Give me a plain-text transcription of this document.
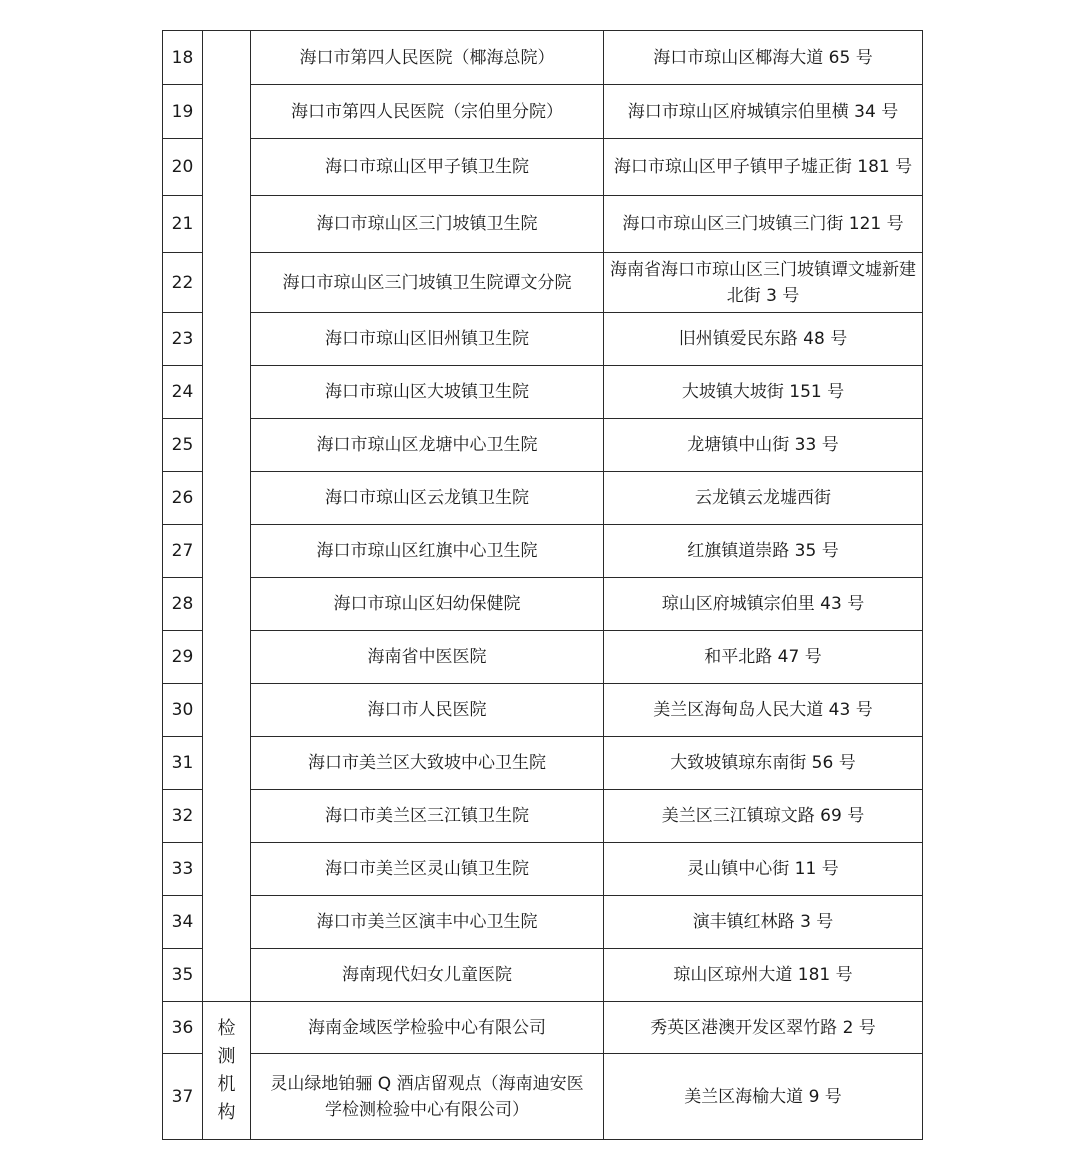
18		海口市第四人民医院（椰海总院）	海口市琼山区椰海大道 65 号
19		海口市第四人民医院（宗伯里分院）	海口市琼山区府城镇宗伯里横 34 号
20		海口市琼山区甲子镇卫生院	海口市琼山区甲子镇甲子墟正街 181 号
21		海口市琼山区三门坡镇卫生院	海口市琼山区三门坡镇三门街 121 号
22		海口市琼山区三门坡镇卫生院谭文分院	海南省海口市琼山区三门坡镇谭文墟新建北街 3 号
23		海口市琼山区旧州镇卫生院	旧州镇爱民东路 48 号
24		海口市琼山区大坡镇卫生院	大坡镇大坡街 151 号
25		海口市琼山区龙塘中心卫生院	龙塘镇中山街 33 号
26		海口市琼山区云龙镇卫生院	云龙镇云龙墟西街
27		海口市琼山区红旗中心卫生院	红旗镇道崇路 35 号
28		海口市琼山区妇幼保健院	琼山区府城镇宗伯里 43 号
29		海南省中医医院	和平北路 47 号
30		海口市人民医院	美兰区海甸岛人民大道 43 号
31		海口市美兰区大致坡中心卫生院	大致坡镇琼东南街 56 号
32		海口市美兰区三江镇卫生院	美兰区三江镇琼文路 69 号
33		海口市美兰区灵山镇卫生院	灵山镇中心街 11 号
34		海口市美兰区演丰中心卫生院	演丰镇红林路 3 号
35		海南现代妇女儿童医院	琼山区琼州大道 181 号
36	检测机构	海南金域医学检验中心有限公司	秀英区港澳开发区翠竹路 2 号
37		灵山绿地铂骊 Q 酒店留观点（海南迪安医学检测检验中心有限公司）	美兰区海榆大道 9 号
